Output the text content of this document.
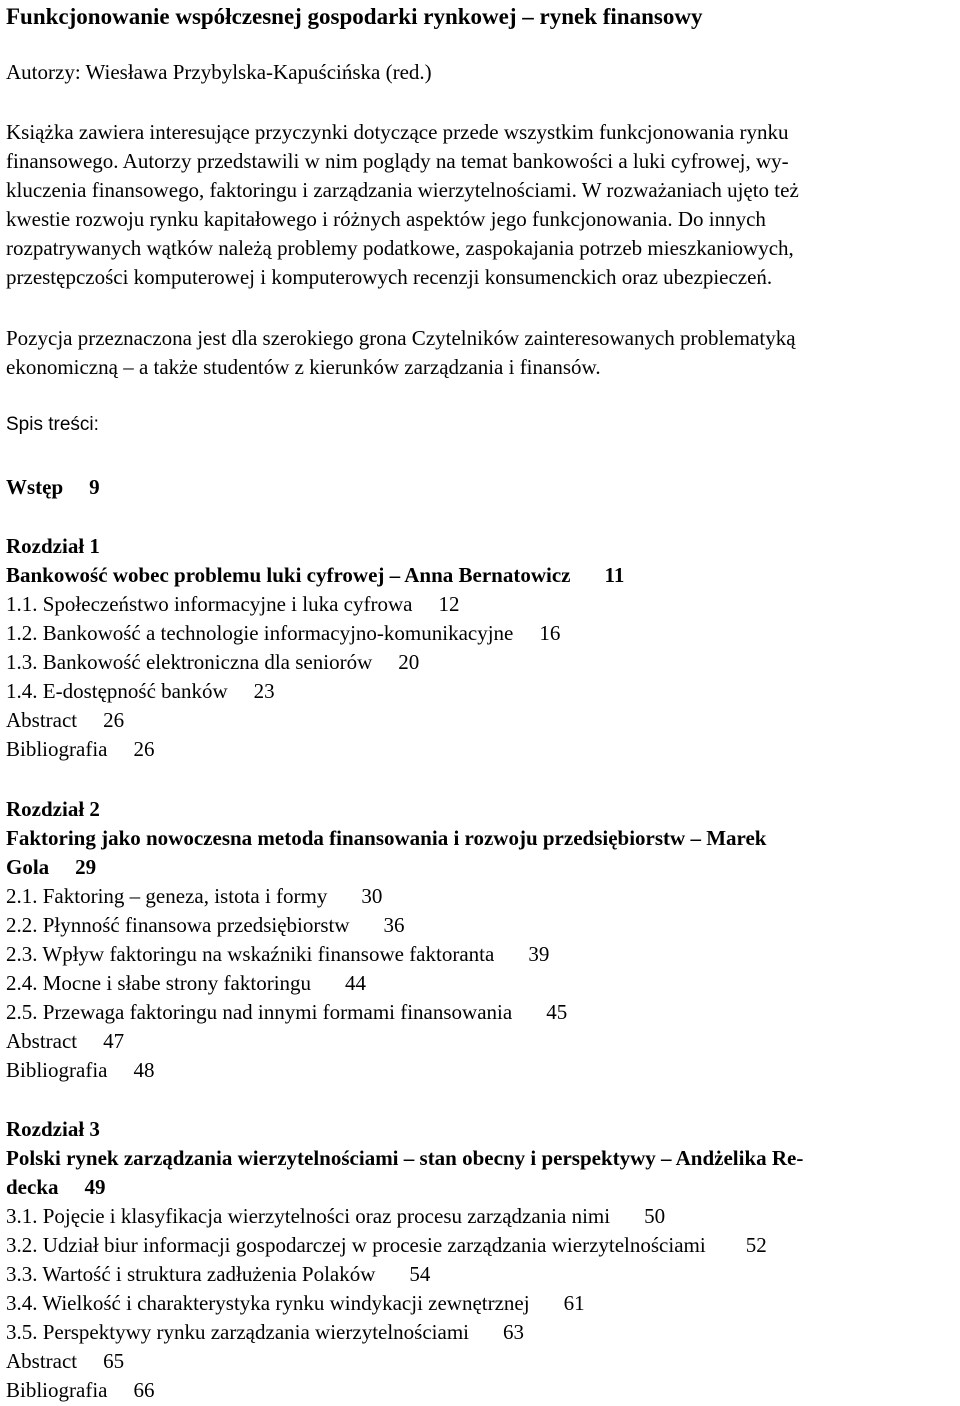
Funkcjonowanie współczesnej gospodarki rynkowej – rynek finansowy
Autorzy: Wiesława Przybylska-Kapuścińska (red.)
Książka zawiera interesujące przyczynki dotyczące przede wszystkim funkcjonowania rynku
finansowego. Autorzy przedstawili w nim poglądy na temat bankowości a luki cyfrowej, wy-
kluczenia finansowego, faktoringu i zarządzania wierzytelnościami. W rozważaniach ujęto też
kwestie rozwoju rynku kapitałowego i różnych aspektów jego funkcjonowania. Do innych
rozpatrywanych wątków należą problemy podatkowe, zaspokajania potrzeb mieszkaniowych,
przestępczości komputerowej i komputerowych recenzji konsumenckich oraz ubezpieczeń.
Pozycja przeznaczona jest dla szerokiego grona Czytelników zainteresowanych problematyką
ekonomiczną – a także studentów z kierunków zarządzania i finansów.
Spis treści:
Wstęp 9
Rozdział 1
Bankowość wobec problemu luki cyfrowej – Anna Bernatowicz 11
1.1. Społeczeństwo informacyjne i luka cyfrowa 12
1.2. Bankowość a technologie informacyjno-komunikacyjne 16
1.3. Bankowość elektroniczna dla seniorów 20
1.4. E-dostępność banków 23
Abstract 26
Bibliografia 26
Rozdział 2
Faktoring jako nowoczesna metoda finansowania i rozwoju przedsiębiorstw – Marek
Gola 29
2.1. Faktoring – geneza, istota i formy 30
2.2. Płynność finansowa przedsiębiorstw 36
2.3. Wpływ faktoringu na wskaźniki finansowe faktoranta 39
2.4. Mocne i słabe strony faktoringu 44
2.5. Przewaga faktoringu nad innymi formami finansowania 45
Abstract 47
Bibliografia 48
Rozdział 3
Polski rynek zarządzania wierzytelnościami – stan obecny i perspektywy – Andżelika Re-
decka 49
3.1. Pojęcie i klasyfikacja wierzytelności oraz procesu zarządzania nimi 50
3.2. Udział biur informacji gospodarczej w procesie zarządzania wierzytelnościami 52
3.3. Wartość i struktura zadłużenia Polaków 54
3.4. Wielkość i charakterystyka rynku windykacji zewnętrznej 61
3.5. Perspektywy rynku zarządzania wierzytelnościami 63
Abstract 65
Bibliografia 66
